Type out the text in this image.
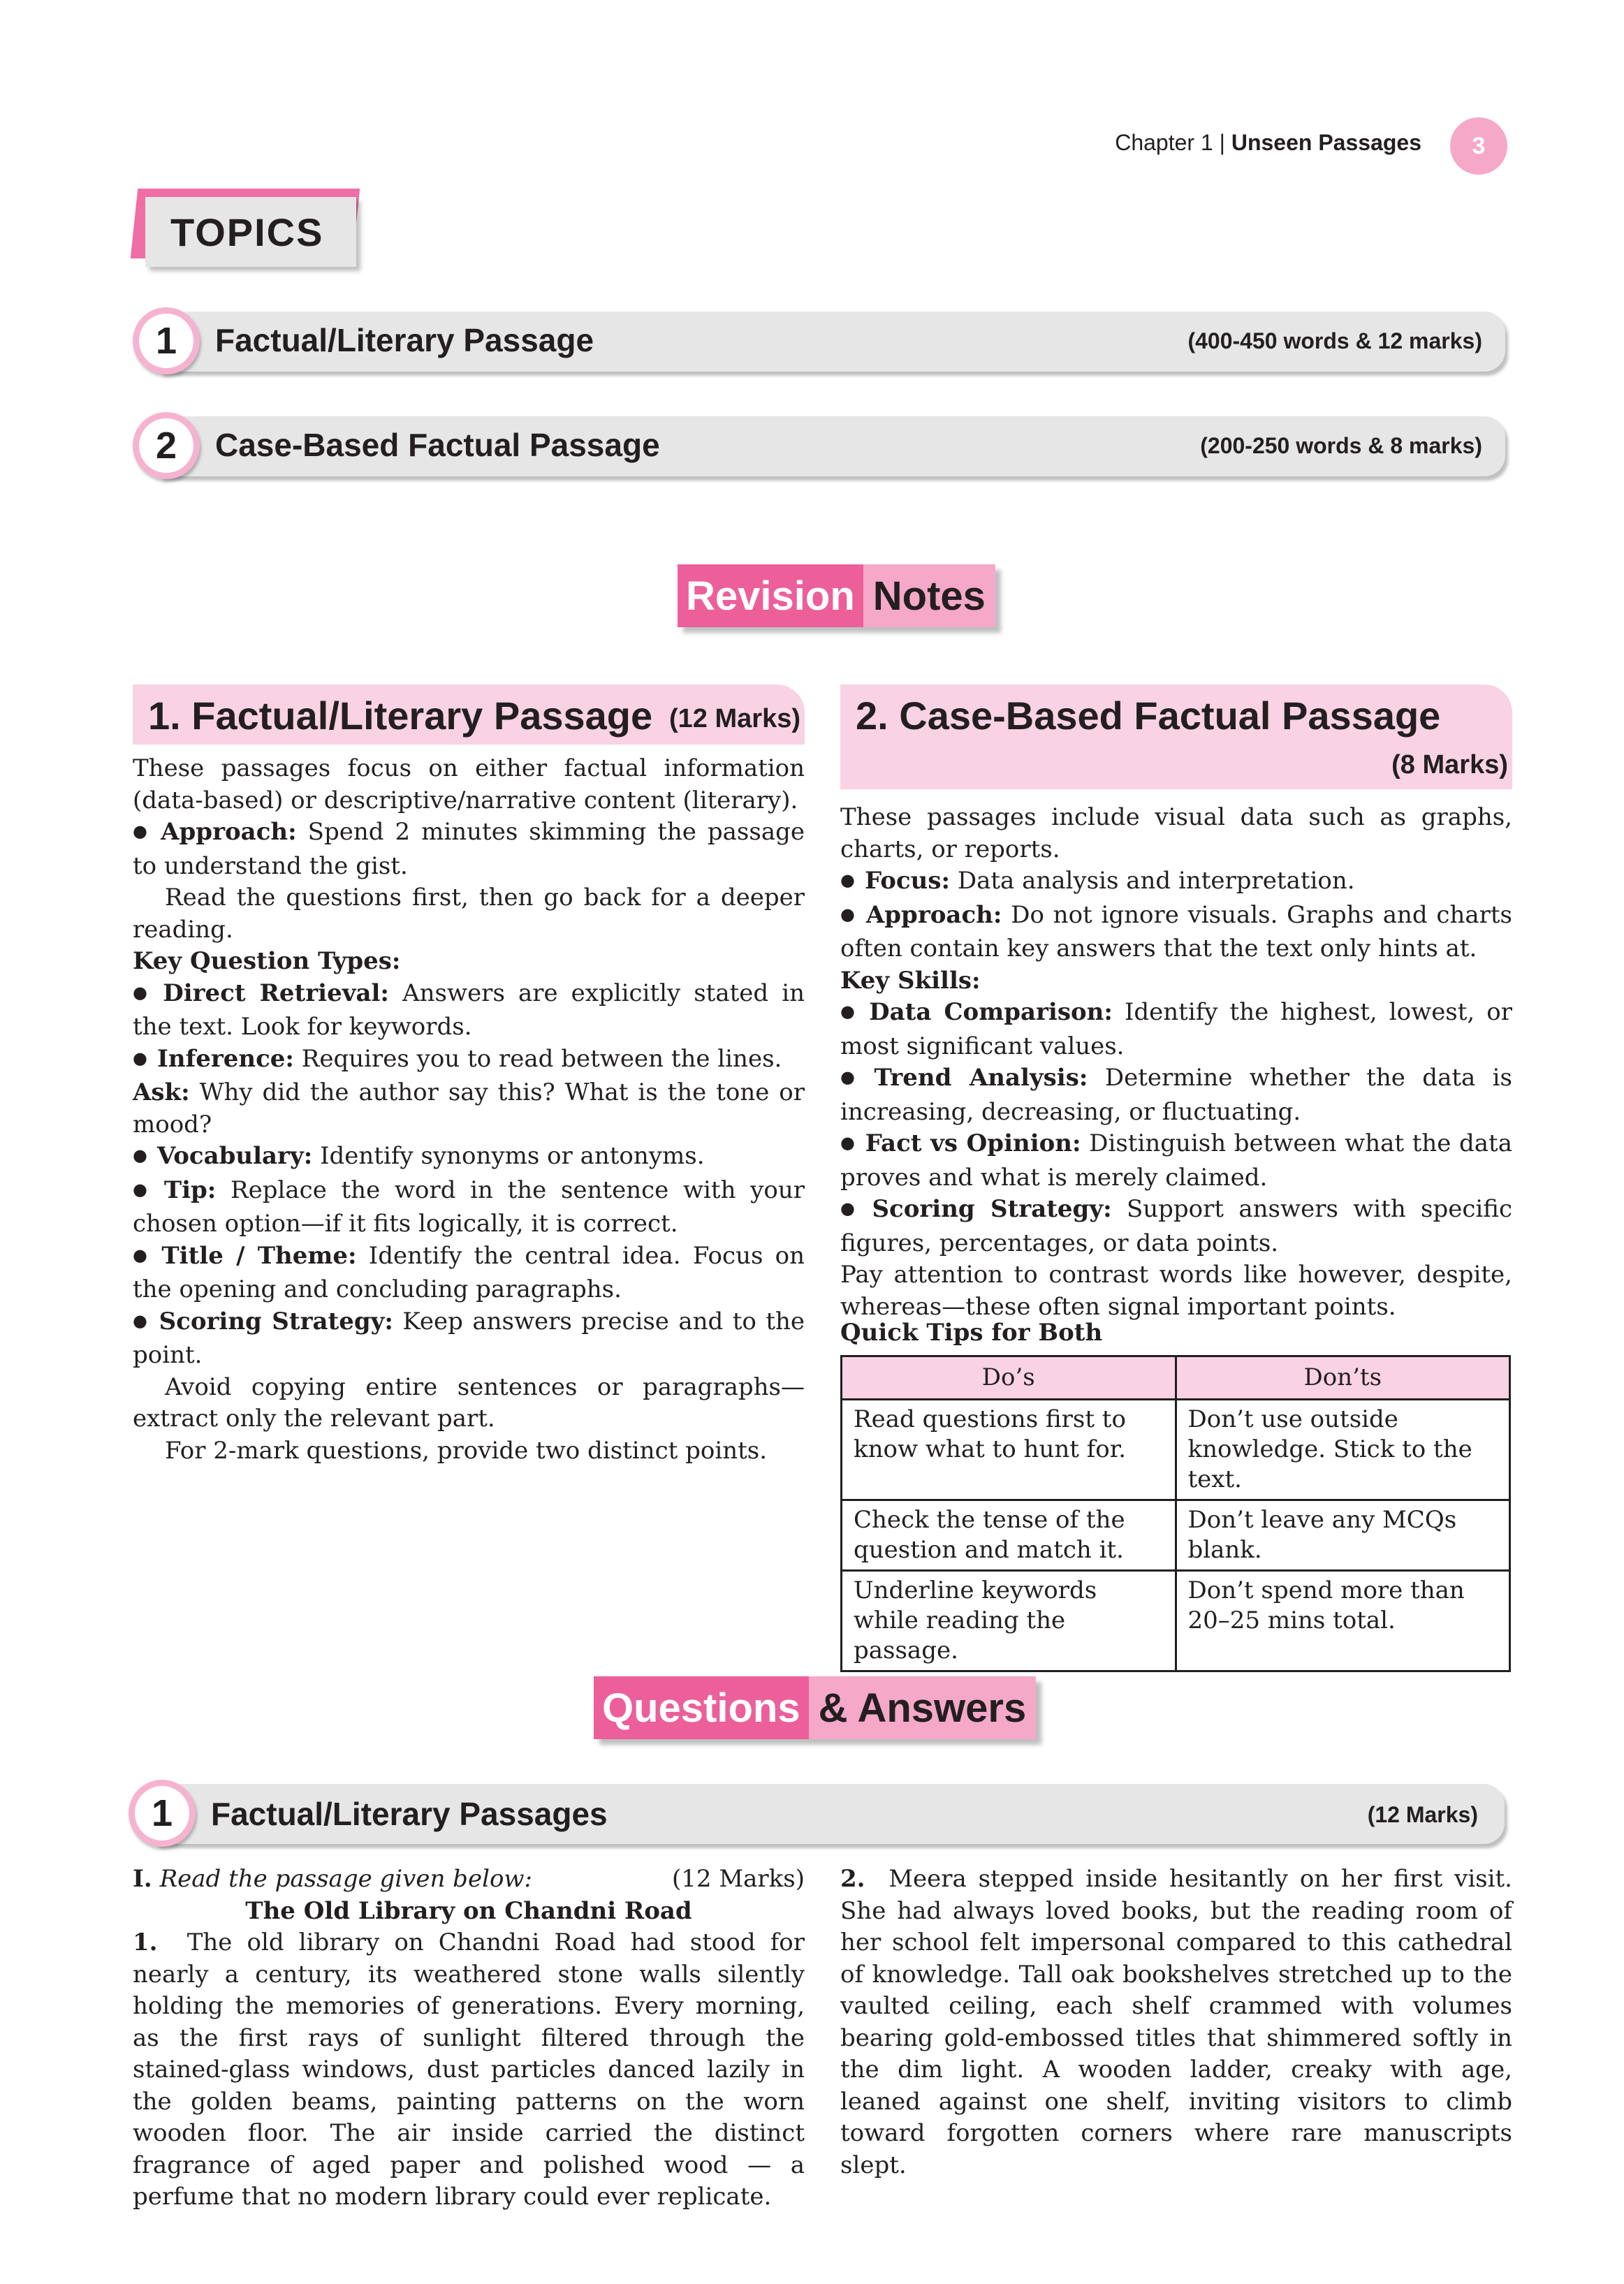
Chapter 1 | Unseen Passages	3
TOPICS
1	Factual/Literary Passage	(400-450 words & 12 marks)
2	Case-Based Factual Passage	(200-250 words & 8 marks)
Revision Notes
1. Factual/Literary Passage (12 Marks) 2. Case-Based Factual Passage
(8 Marks)

These passages focus on either factual information (data-based) or descriptive/narrative content (literary).

● Approach: Spend 2 minutes skimming the passage to understand the gist.

Read the questions first, then go back for a deeper reading.

Key Question Types:

● Direct Retrieval: Answers are explicitly stated in the text. Look for keywords.

● Inference: Requires you to read between the lines.

Ask: Why did the author say this? What is the tone or mood?

● Vocabulary: Identify synonyms or antonyms.

● Tip: Replace the word in the sentence with your chosen option—if it fits logically, it is correct.

● Title / Theme: Identify the central idea. Focus on the opening and concluding paragraphs.

● Scoring Strategy: Keep answers precise and to the point.

Avoid copying entire sentences or paragraphs—extract only the relevant part.

For 2-mark questions, provide two distinct points.

These passages include visual data such as graphs, charts, or reports.

● Focus: Data analysis and interpretation.

● Approach: Do not ignore visuals. Graphs and charts often contain key answers that the text only hints at.

Key Skills:

● Data Comparison: Identify the highest, lowest, or most significant values.

● Trend Analysis: Determine whether the data is increasing, decreasing, or fluctuating.

● Fact vs Opinion: Distinguish between what the data proves and what is merely claimed.

● Scoring Strategy: Support answers with specific figures, percentages, or data points.

Pay attention to contrast words like however, despite, whereas—these often signal important points.

Quick Tips for Both
Do’s	Don’ts
Read questions first to know what to hunt for.	Don’t use outside knowledge. Stick to the text.
Check the tense of the question and match it.	Don’t leave any MCQs blank.
Underline keywords while reading the passage.	Don’t spend more than 20–25 mins total.
Questions & Answers
1	Factual/Literary Passages	(12 Marks)

I. Read the passage given below:	(12 Marks)

The Old Library on Chandni Road

1. The old library on Chandni Road had stood for nearly a century, its weathered stone walls silently holding the memories of generations. Every morning, as the first rays of sunlight filtered through the stained-glass windows, dust particles danced lazily in the golden beams, painting patterns on the worn wooden floor. The air inside carried the distinct fragrance of aged paper and polished wood — a perfume that no modern library could ever replicate.

2. Meera stepped inside hesitantly on her first visit. She had always loved books, but the reading room of her school felt impersonal compared to this cathedral of knowledge. Tall oak bookshelves stretched up to the vaulted ceiling, each shelf crammed with volumes bearing gold-embossed titles that shimmered softly in the dim light. A wooden ladder, creaky with age, leaned against one shelf, inviting visitors to climb toward forgotten corners where rare manuscripts slept.
